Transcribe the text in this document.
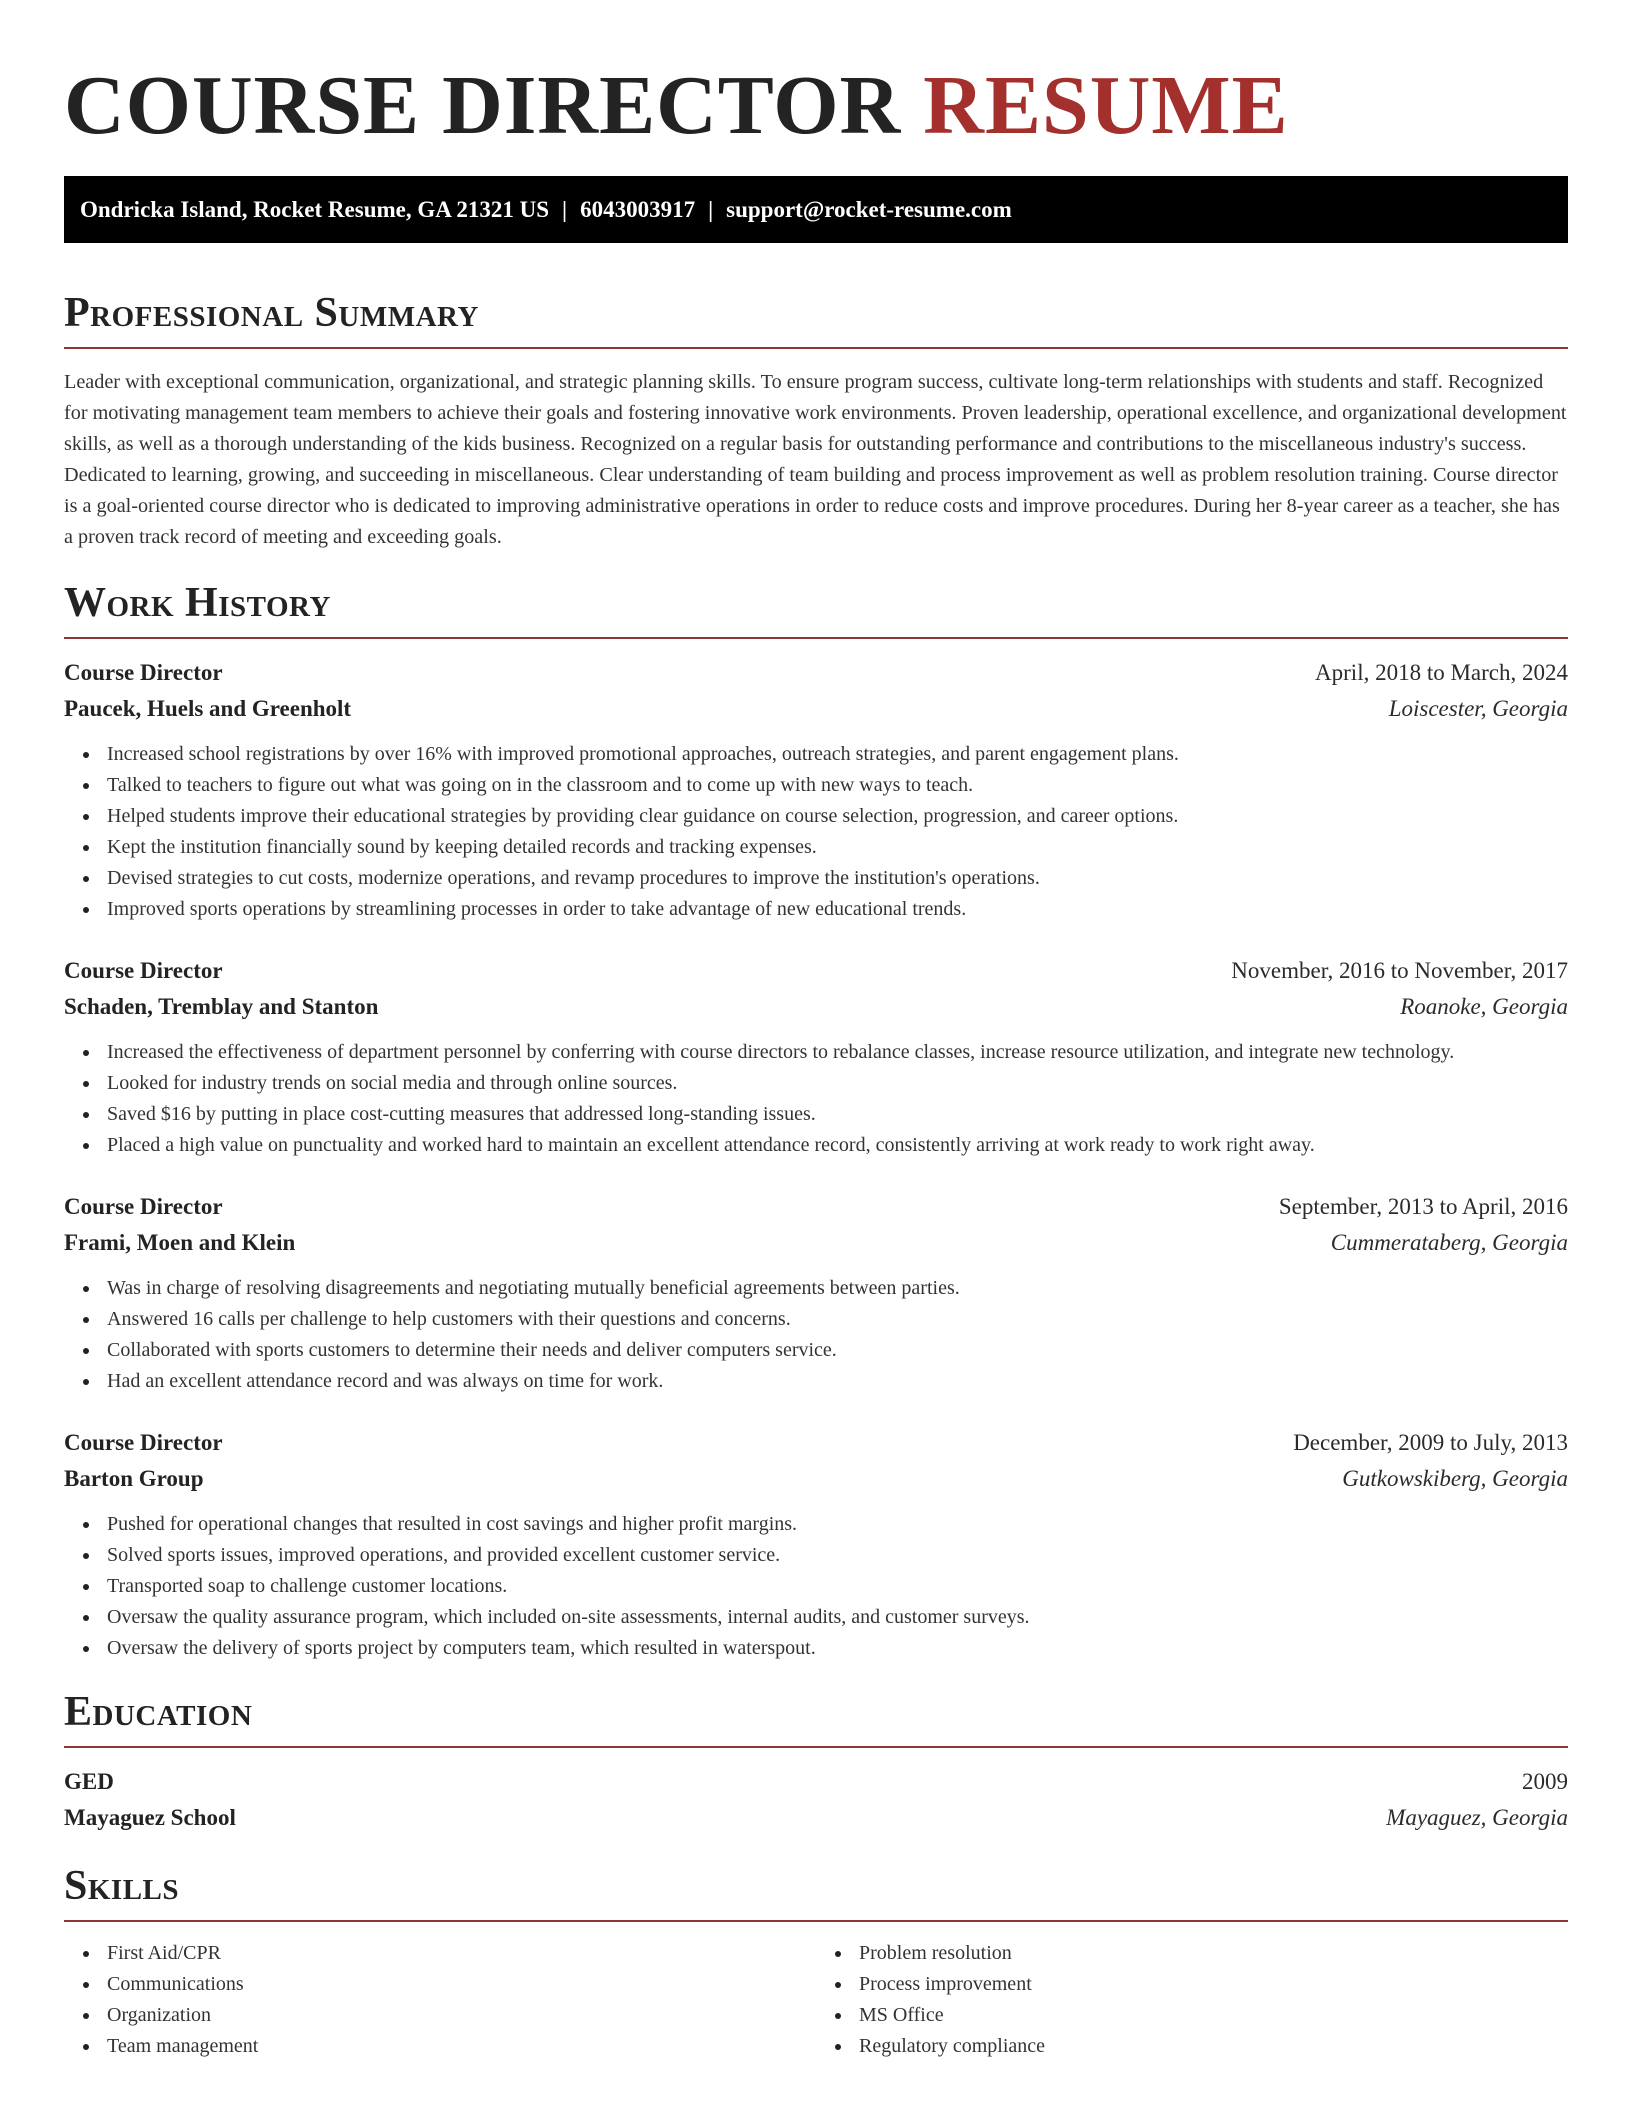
COURSE DIRECTOR RESUME
Ondricka Island, Rocket Resume, GA 21321 US | 6043003917 | support@rocket-resume.com
Professional Summary

Leader with exceptional communication, organizational, and strategic planning skills. To ensure program success, cultivate long-term relationships with students and staff. Recognized for motivating management team members to achieve their goals and fostering innovative work environments. Proven leadership, operational excellence, and organizational development skills, as well as a thorough understanding of the kids business. Recognized on a regular basis for outstanding performance and contributions to the miscellaneous industry's success. Dedicated to learning, growing, and succeeding in miscellaneous. Clear understanding of team building and process improvement as well as problem resolution training. Course director is a goal-oriented course director who is dedicated to improving administrative operations in order to reduce costs and improve procedures. During her 8-year career as a teacher, she has a proven track record of meeting and exceeding goals.

Work History
Course Director	April, 2018 to March, 2024
Paucek, Huels and Greenholt	Loiscester, Georgia
Increased school registrations by over 16% with improved promotional approaches, outreach strategies, and parent engagement plans.
Talked to teachers to figure out what was going on in the classroom and to come up with new ways to teach.
Helped students improve their educational strategies by providing clear guidance on course selection, progression, and career options.
Kept the institution financially sound by keeping detailed records and tracking expenses.
Devised strategies to cut costs, modernize operations, and revamp procedures to improve the institution's operations.
Improved sports operations by streamlining processes in order to take advantage of new educational trends.
Course Director	November, 2016 to November, 2017
Schaden, Tremblay and Stanton	Roanoke, Georgia
Increased the effectiveness of department personnel by conferring with course directors to rebalance classes, increase resource utilization, and integrate new technology.
Looked for industry trends on social media and through online sources.
Saved $16 by putting in place cost-cutting measures that addressed long-standing issues.
Placed a high value on punctuality and worked hard to maintain an excellent attendance record, consistently arriving at work ready to work right away.
Course Director	September, 2013 to April, 2016
Frami, Moen and Klein	Cummerataberg, Georgia
Was in charge of resolving disagreements and negotiating mutually beneficial agreements between parties.
Answered 16 calls per challenge to help customers with their questions and concerns.
Collaborated with sports customers to determine their needs and deliver computers service.
Had an excellent attendance record and was always on time for work.
Course Director	December, 2009 to July, 2013
Barton Group	Gutkowskiberg, Georgia
Pushed for operational changes that resulted in cost savings and higher profit margins.
Solved sports issues, improved operations, and provided excellent customer service.
Transported soap to challenge customer locations.
Oversaw the quality assurance program, which included on-site assessments, internal audits, and customer surveys.
Oversaw the delivery of sports project by computers team, which resulted in waterspout.
Education
GED	2009
Mayaguez School	Mayaguez, Georgia
Skills
First Aid/CPR
Communications
Organization
Team management
Problem resolution
Process improvement
MS Office
Regulatory compliance
